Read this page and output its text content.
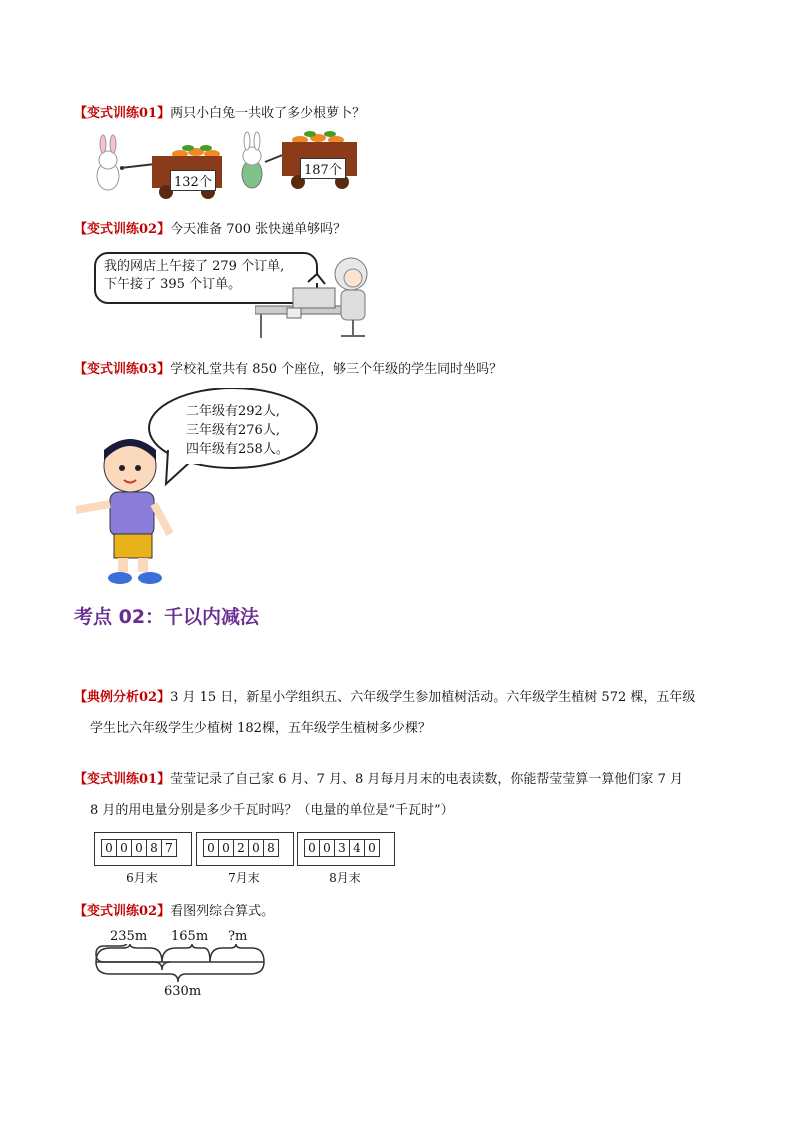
【变式训练01】两只小白兔一共收了多少根萝卜？
132个
187个
【变式训练02】今天准备 700 张快递单够吗？
我的网店上午接了 279 个订单,
下午接了 395 个订单。
【变式训练03】学校礼堂共有 850 个座位，够三个年级的学生同时坐吗？
二年级有292人,
三年级有276人,
四年级有258人。
考点 02：千以内减法
【典例分析02】3 月 15 日，新星小学组织五、六年级学生参加植树活动。六年级学生植树 572 棵，五年级
学生比六年级学生少植树 182棵，五年级学生植树多少棵？
【变式训练01】莹莹记录了自己家 6 月、7 月、8 月每月月末的电表读数，你能帮莹莹算一算他们家 7 月
8 月的用电量分别是多少千瓦时吗？（电量的单位是“千瓦时”）
0 0 0 8 7	0 0 2 0 8	0 0 3 4 0
6月末	7月末	8月末
【变式训练02】看图列综合算式。
235m 165m ?m
630m
